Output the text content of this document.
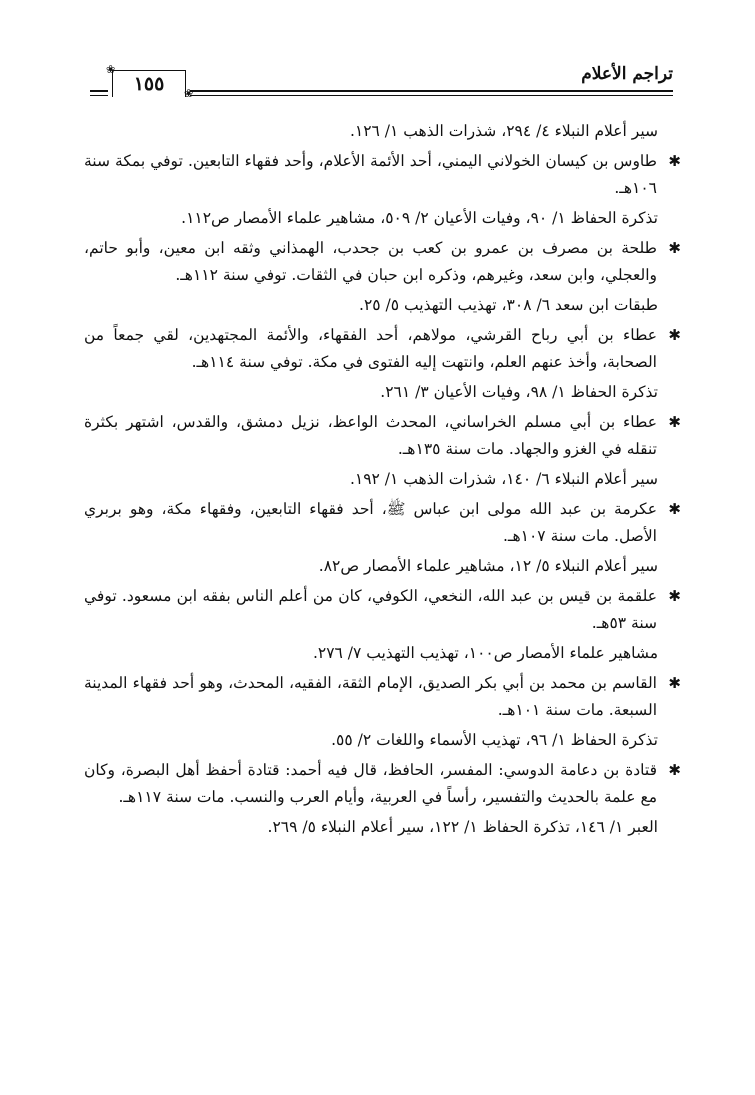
تراجم الأعلام
١٥٥
❀
❀
سير أعلام النبلاء ٤/ ٢٩٤، شذرات الذهب ١/ ١٢٦.
✱
طاوس بن كيسان الخولاني اليمني، أحد الأئمة الأعلام، وأحد فقهاء التابعين. توفي بمكة سنة ١٠٦هـ.
تذكرة الحفاظ ١/ ٩٠، وفيات الأعيان ٢/ ٥٠٩، مشاهير علماء الأمصار ص١١٢.
✱
طلحة بن مصرف بن عمرو بن كعب بن جحدب، الهمذاني وثقه ابن معين، وأبو حاتم، والعجلي، وابن سعد، وغيرهم، وذكره ابن حبان في الثقات. توفي سنة ١١٢هـ.
طبقات ابن سعد ٦/ ٣٠٨، تهذيب التهذيب ٥/ ٢٥.
✱
عطاء بن أبي رباح القرشي، مولاهم، أحد الفقهاء، والأئمة المجتهدين، لقي جمعاً من الصحابة، وأخذ عنهم العلم، وانتهت إليه الفتوى في مكة. توفي سنة ١١٤هـ.
تذكرة الحفاظ ١/ ٩٨، وفيات الأعيان ٣/ ٢٦١.
✱
عطاء بن أبي مسلم الخراساني، المحدث الواعظ، نزيل دمشق، والقدس، اشتهر بكثرة تنقله في الغزو والجهاد. مات سنة ١٣٥هـ.
سير أعلام النبلاء ٦/ ١٤٠، شذرات الذهب ١/ ١٩٢.
✱
عكرمة بن عبد الله مولى ابن عباس ﷺ، أحد فقهاء التابعين، وفقهاء مكة، وهو بربري الأصل. مات سنة ١٠٧هـ.
سير أعلام النبلاء ٥/ ١٢، مشاهير علماء الأمصار ص٨٢.
✱
علقمة بن قيس بن عبد الله، النخعي، الكوفي، كان من أعلم الناس بفقه ابن مسعود. توفي سنة ٥٣هـ.
مشاهير علماء الأمصار ص١٠٠، تهذيب التهذيب ٧/ ٢٧٦.
✱
القاسم بن محمد بن أبي بكر الصديق، الإمام الثقة، الفقيه، المحدث، وهو أحد فقهاء المدينة السبعة. مات سنة ١٠١هـ.
تذكرة الحفاظ ١/ ٩٦، تهذيب الأسماء واللغات ٢/ ٥٥.
✱
قتادة بن دعامة الدوسي: المفسر، الحافظ، قال فيه أحمد: قتادة أحفظ أهل البصرة، وكان مع علمة بالحديث والتفسير، رأساً في العربية، وأيام العرب والنسب. مات سنة ١١٧هـ.
العبر ١/ ١٤٦، تذكرة الحفاظ ١/ ١٢٢، سير أعلام النبلاء ٥/ ٢٦٩.
